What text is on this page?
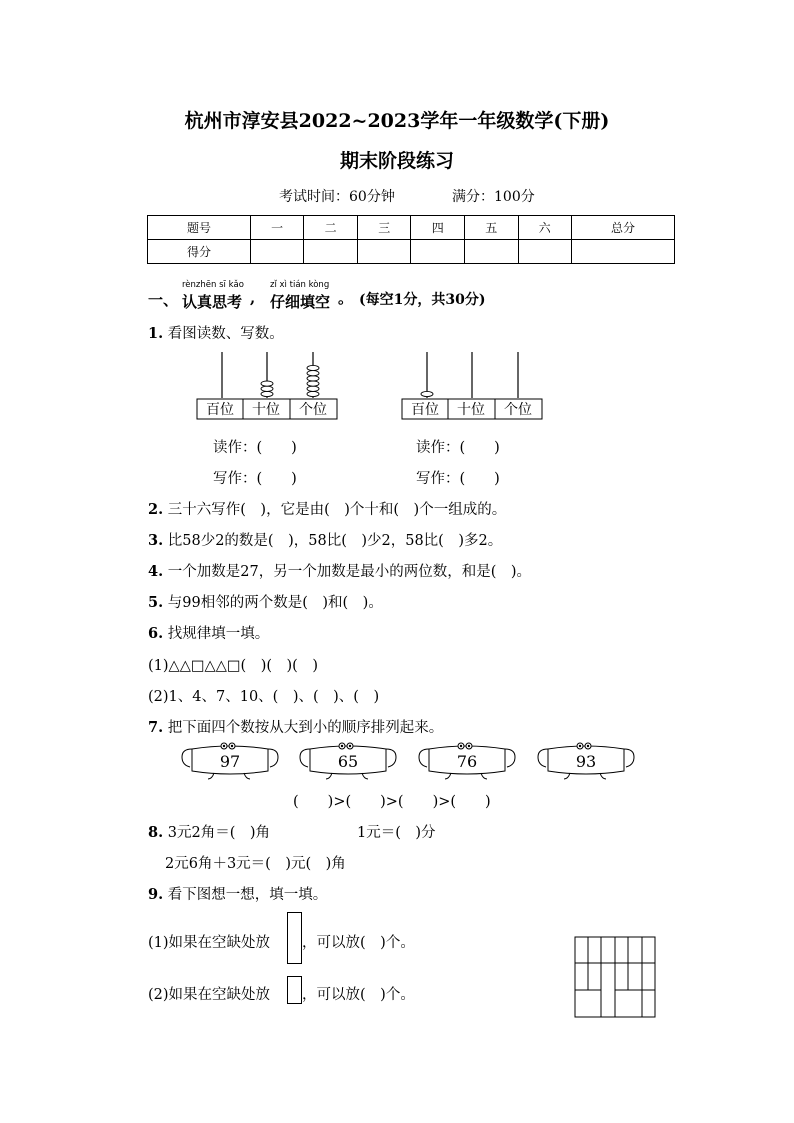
杭州市淳安县2022~2023学年一年级数学(下册)
期末阶段练习
考试时间：60分钟	满分：100分
题号	一	二	三	四	五	六	总分
得分							
一、
rènzhēn sī kǎo
认真思考 ,
zǐ xì tián kòng
仔细填空 。 (每空1分，共30分)
1. 看图读数、写数。
百位 十位 个位	百位 十位 个位
读作：(　　)
写作：(　　)
读作：(　　)
写作：(　　)
2. 三十六写作(　)，它是由(　)个十和(　)个一组成的。
3. 比58少2的数是(　)，58比(　)少2，58比(　)多2。
4. 一个加数是27，另一个加数是最小的两位数，和是(　)。
5. 与99相邻的两个数是(　)和(　)。
6. 找规律填一填。
(1)△△□△△□(　)(　)(　)
(2)1、4、7、10、(　)、(　)、(　)
7. 把下面四个数按从大到小的顺序排列起来。
97	65	76	93
(　　)>(　　)>(　　)>(　　)
8. 3元2角＝(　)角	1元＝(　)分
2元6角＋3元＝(　)元(　)角
9. 看下图想一想，填一填。
(1)如果在空缺处放 ，可以放(　)个。
(2)如果在空缺处放 ，可以放(　)个。
